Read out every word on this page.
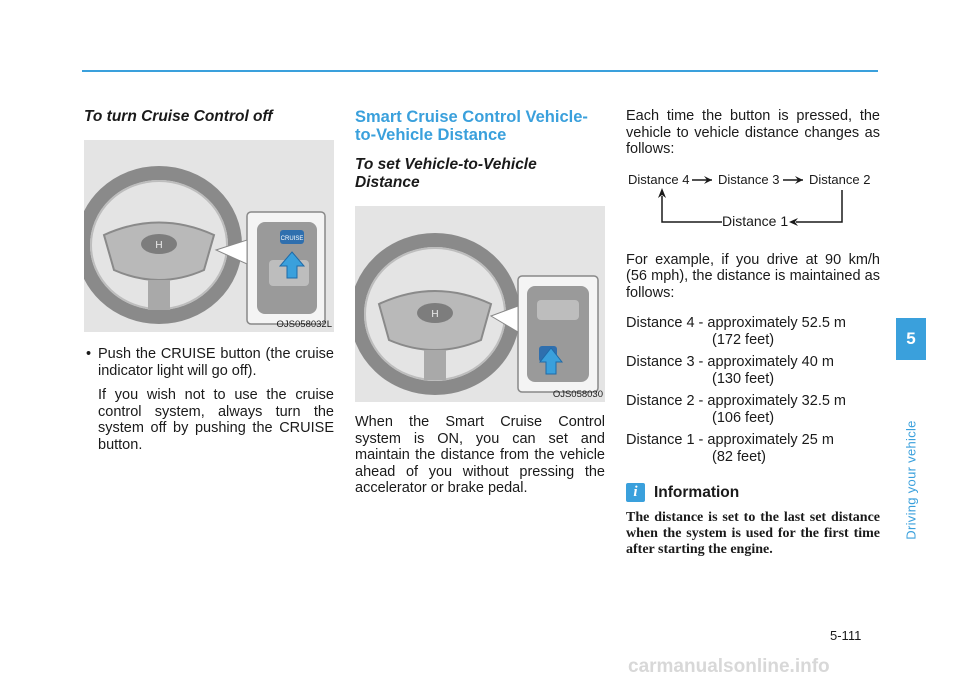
To turn Cruise Control off
H
CRUISE
OJS058032L
• Push the CRUISE button (the cruise indicator light will go off).

If you wish not to use the cruise control system, always turn the system off by pushing the CRUISE button.

Smart Cruise Control Vehicle-to-Vehicle Distance
To set Vehicle-to-Vehicle Distance
H
OJS058030

When the Smart Cruise Control system is ON, you can set and maintain the distance from the vehicle ahead of you without pressing the accelerator or brake pedal.

Each time the button is pressed, the vehicle to vehicle distance changes as follows:

Distance 4 Distance 3 Distance 2
Distance 1

For example, if you drive at 90 km/h (56 mph), the distance is maintained as follows:

Distance 4 - approximately 52.5 m
(172 feet)
Distance 3 - approximately 40 m
(130 feet)
Distance 2 - approximately 32.5 m
(106 feet)
Distance 1 - approximately 25 m
(82 feet)
i	Information

The distance is set to the last set distance when the system is used for the first time after starting the engine.

5
Driving your vehicle
5-111
carmanualsonline.info
